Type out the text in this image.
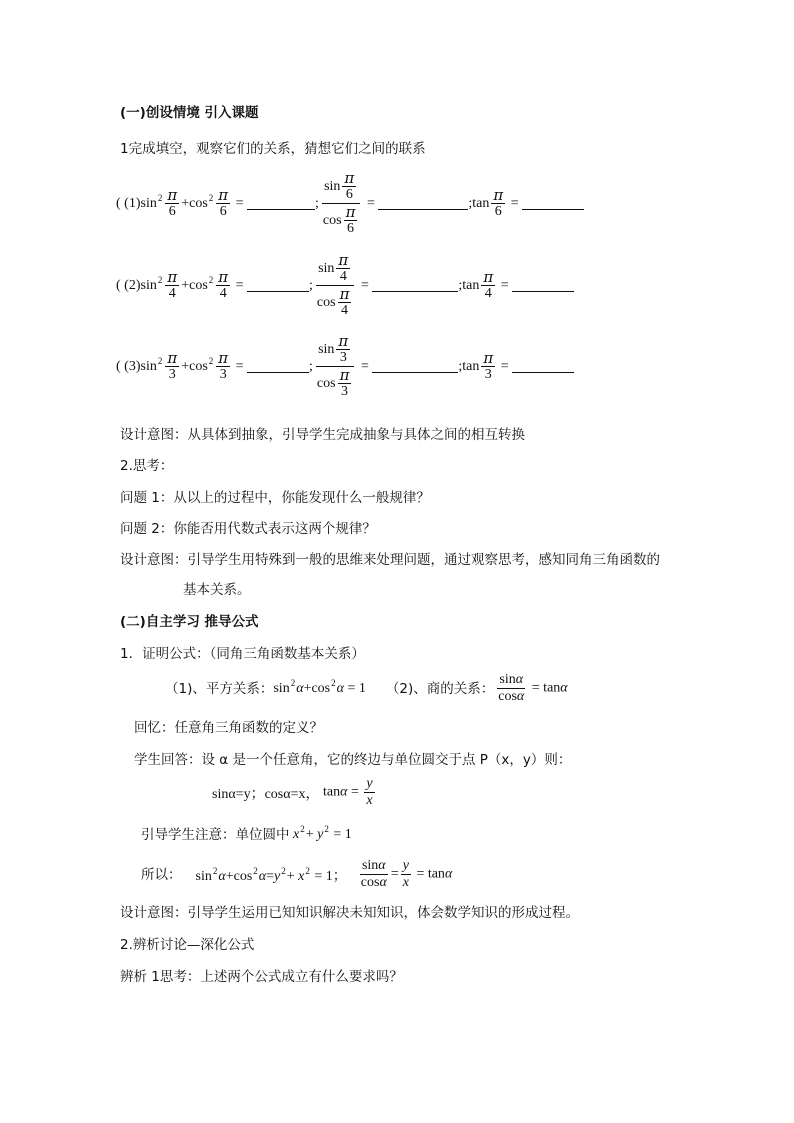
(一)创设情境 引入课题
1完成填空，观察它们的关系，猜想它们之间的联系
( (1)sin $2 \frac{\pi}{6} +\cos$ $2 \frac{\pi}{6}$ =	; $\frac{\sin \frac{\pi}{6}}{\cos \frac{\pi}{6}}$ =	;tan $\frac{\pi}{6}$ =
( (2)sin $2 \frac{\pi}{4} +\cos$ $2 \frac{\pi}{4}$ =	; $\frac{\sin \frac{\pi}{4}}{\cos \frac{\pi}{4}}$ =	;tan $\frac{\pi}{4}$ =
( (3)sin $2 \frac{\pi}{3} +\cos$ $2 \frac{\pi}{3}$ =	; $\frac{\sin \frac{\pi}{3}}{\cos \frac{\pi}{3}}$ =	;tan $\frac{\pi}{3}$ =
设计意图：从具体到抽象，引导学生完成抽象与具体之间的相互转换
2.思考：
问题 1：从以上的过程中，你能发现什么一般规律？
问题 2：你能否用代数式表示这两个规律？
设计意图：引导学生用特殊到一般的思维来处理问题，通过观察思考，感知同角三角函数的
基本关系。
(二)自主学习 推导公式
1．证明公式：（同角三角函数基本关系）
（1)、平方关系： $\sin^2\alpha+\cos^2\alpha = 1$ （2)、商的关系： $\frac{\sin\alpha}{\cos\alpha} = \tan\alpha$
回忆：任意角三角函数的定义？
学生回答：设 α 是一个任意角，它的终边与单位圆交于点 P（x，y）则：
sinα=y；cosα=x， $\tan\alpha = \frac{y}{x}$
引导学生注意：单位圆中 $x^2+ y^2 = 1$
所以： $\sin^2\alpha+\cos^2\alpha=y^2+ x^2 = 1$； $\frac{\sin\alpha}{\cos\alpha} = \frac{y}{x} = \tan\alpha$
设计意图：引导学生运用已知知识解决未知知识，体会数学知识的形成过程。
2.辨析讨论—深化公式
辨析 1思考：上述两个公式成立有什么要求吗？
